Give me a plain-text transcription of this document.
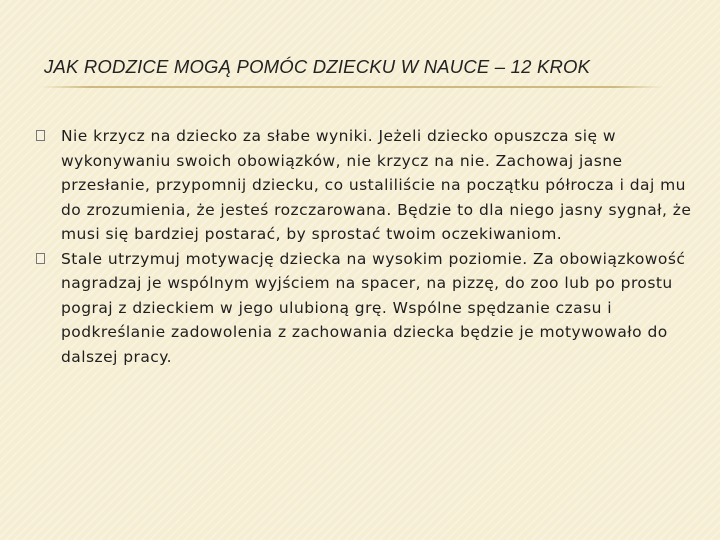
JAK RODZICE MOGĄ POMÓC DZIECKU W NAUCE – 12 KROK
Nie krzycz na dziecko za słabe wyniki. Jeżeli dziecko opuszcza się w wykonywaniu swoich obowiązków, nie krzycz na nie. Zachowaj jasne przesłanie, przypomnij dziecku, co ustaliliście na początku półrocza i daj mu do zrozumienia, że jesteś rozczarowana. Będzie to dla niego jasny sygnał, że musi się bardziej postarać, by sprostać twoim oczekiwaniom.
Stale utrzymuj motywację dziecka na wysokim poziomie. Za obowiązkowość nagradzaj je wspólnym wyjściem na spacer, na pizzę, do zoo lub po prostu pograj z dzieckiem w jego ulubioną grę. Wspólne spędzanie czasu i podkreślanie zadowolenia z zachowania dziecka będzie je motywowało do dalszej pracy.
